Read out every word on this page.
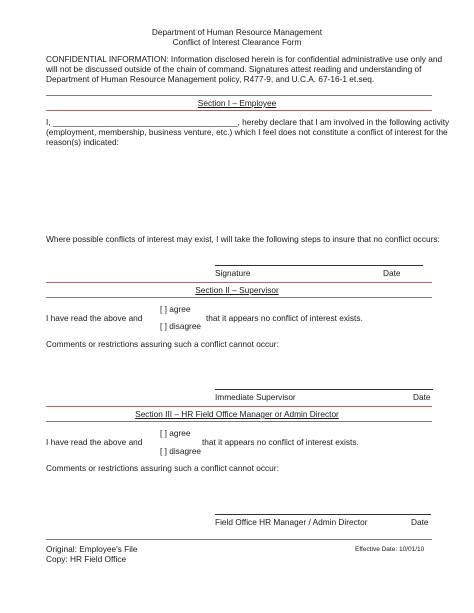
Department of Human Resource Management
Conflict of Interest Clearance Form
CONFIDENTIAL INFORMATION: Information disclosed herein is for confidential administrative use only and
will not be discussed outside of the chain of command. Signatures attest reading and understanding of
Department of Human Resource Management policy, R477-9, and U.C.A. 67-16-1 et.seq.
Section I – Employee
I, ________________________________________, hereby declare that I am involved in the following activity
(employment, membership, business venture, etc.) which I feel does not constitute a conflict of interest for the
reason(s) indicated:
Where possible conflicts of interest may exist, I will take the following steps to insure that no conflict occurs:
Signature	Date
Section II – Supervisor
[ ] agree
I have read the above and	that it appears no conflict of interest exists.
[ ] disagree
Comments or restrictions assuring such a conflict cannot occur:
Immediate Supervisor	Date
Section III – HR Field Office Manager or Admin Director
[ ] agree
I have read the above and	that it appears no conflict of interest exists.
[ ] disagree
Comments or restrictions assuring such a conflict cannot occur:
Field Office HR Manager / Admin Director	Date
Original: Employee's File
Copy: HR Field Office
Effective Date: 10/01/10
